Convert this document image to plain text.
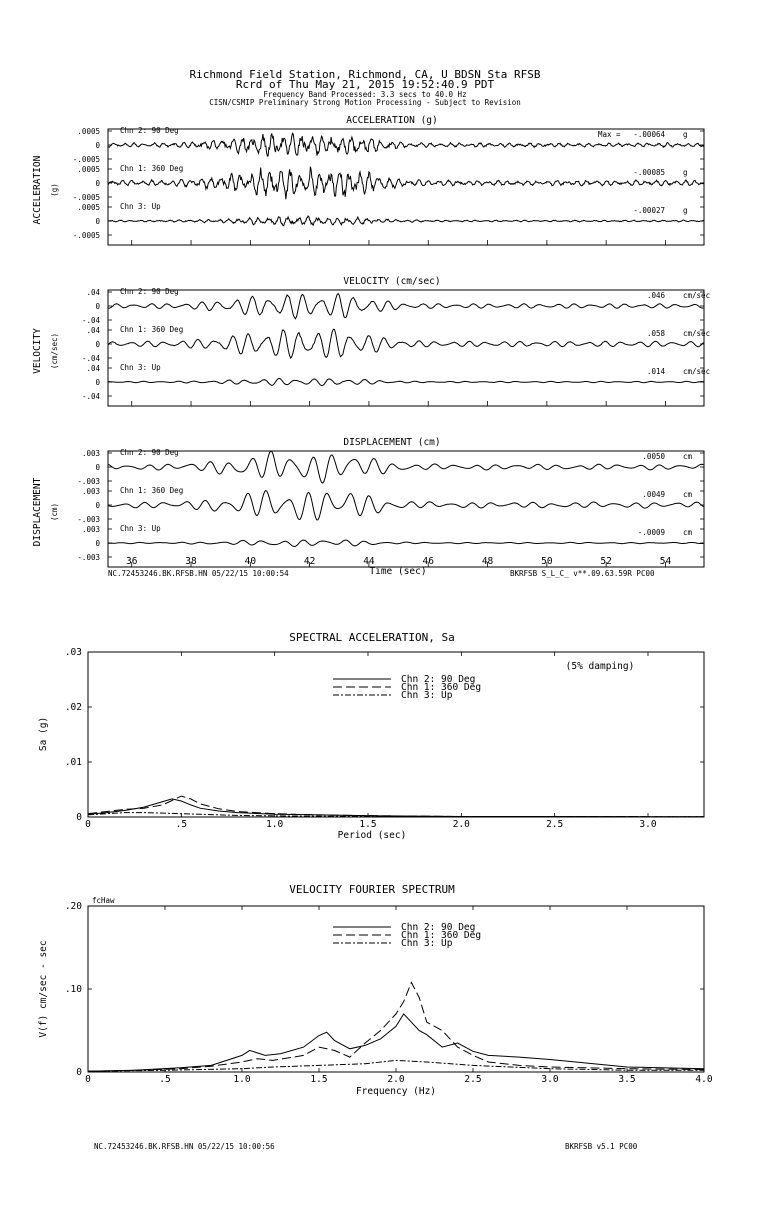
Richmond Field Station, Richmond, CA, U BDSN Sta RFSB
Rcrd of Thu May 21, 2015 19:52:40.9 PDT
Frequency Band Processed: 3.3 secs to 40.0 Hz
CISN/CSMIP Preliminary Strong Motion Processing - Subject to Revision
ACCELERATION (g)
ACCELERATION (g)
.0005
0
-.0005
Chn 2: 90 Deg	Max = -.00064 g
.0005
0
-.0005
Chn 1: 360 Deg	-.00085 g
.0005
0
-.0005
Chn 3: Up	-.00027 g
VELOCITY (cm/sec)
VELOCITY (cm/sec)
.04
0
-.04
Chn 2: 90 Deg	.046 cm/sec
.04
0
-.04
Chn 1: 360 Deg	.058 cm/sec
.04
0
-.04
Chn 3: Up	.014 cm/sec
DISPLACEMENT (cm)
DISPLACEMENT (cm)
.003
0
-.003
Chn 2: 90 Deg	.0050 cm
.003
0
-.003
Chn 1: 360 Deg	.0049 cm
.003
0
-.003
Chn 3: Up	-.0009 cm
36	38	40	42	44	46	48	50	52	54
Time (sec)
NC.72453246.BK.RFSB.HN 05/22/15 10:00:54	BKRFSB S_L_C_ v**.09.63.59R PC00
SPECTRAL ACCELERATION, Sa
(5% damping)
Sa (g)
Period (sec)
0	.5	1.0	1.5	2.0	2.5	3.0
.03
.02
.01
0
Chn 2: 90 Deg
Chn 1: 360 Deg
Chn 3: Up
VELOCITY FOURIER SPECTRUM
fcHaw
V(f) cm/sec - sec
Frequency (Hz)
0	.5	1.0	1.5	2.0	2.5	3.0	3.5	4.0
.20
.10
0
Chn 2: 90 Deg
Chn 1: 360 Deg
Chn 3: Up
NC.72453246.BK.RFSB.HN 05/22/15 10:00:56	BKRFSB v5.1 PC00
